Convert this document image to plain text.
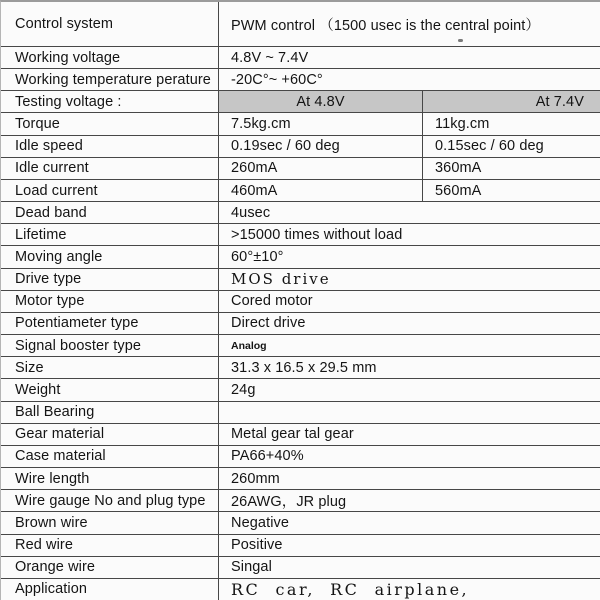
Control system	PWM control （1500 usec is the central point）
Working voltage	4.8V ~ 7.4V
Working temperature perature	-20C°~ +60C°
Testing voltage :	At 4.8V	At 7.4V
Torque	7.5kg.cm	11kg.cm
Idle speed	0.19sec / 60 deg	0.15sec / 60 deg
Idle current	260mA	360mA
Load current	460mA	560mA
Dead band	4usec
Lifetime	>15000 times without load
Moving angle	60°±10°
Drive type	MOS drive
Motor type	Cored motor
Potentiameter type	Direct drive
Signal booster type	Analog
Size	31.3 x 16.5 x 29.5 mm
Weight	24g
Ball Bearing
Gear material	Metal gear tal gear
Case material	PA66+40%
Wire length	260mm
Wire gauge No and plug type	26AWG，JR plug
Brown wire	Negative
Red wire	Positive
Orange wire	Singal
Application	RC  car,  RC  airplane,
